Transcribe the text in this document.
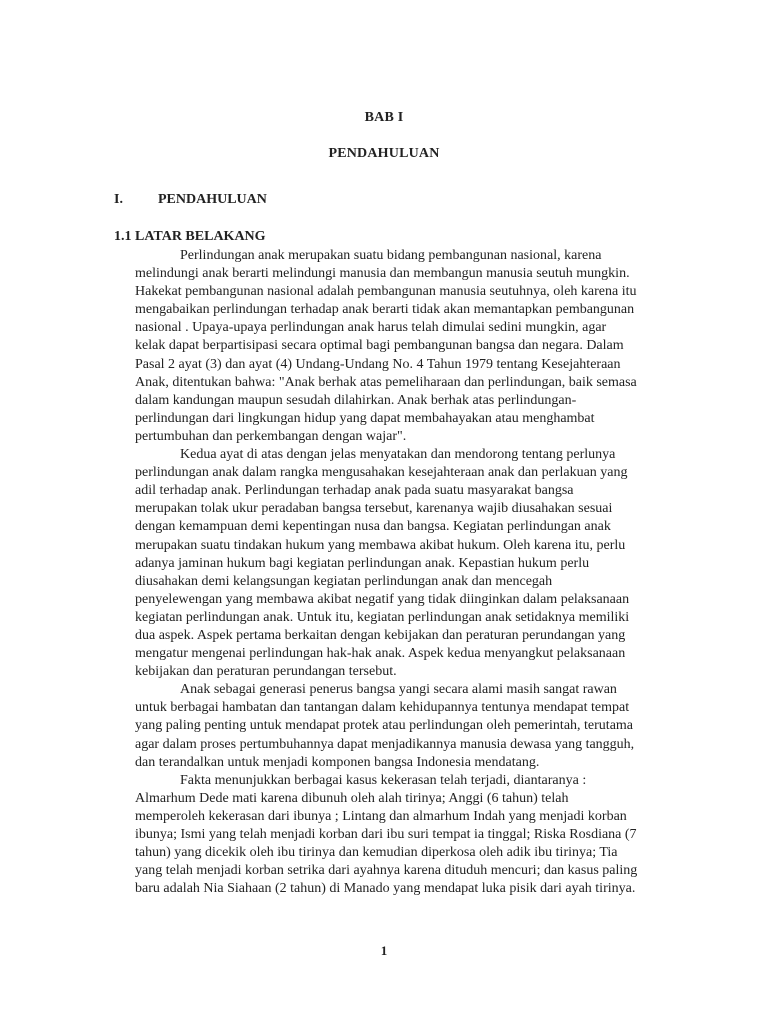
BAB I
PENDAHULUAN
I.	PENDAHULUAN
1.1 LATAR BELAKANG

Perlindungan anak merupakan suatu bidang pembangunan nasional, karena
melindungi anak berarti melindungi manusia dan membangun manusia seutuh mungkin.
Hakekat pembangunan nasional adalah pembangunan manusia seutuhnya, oleh karena itu
mengabaikan perlindungan terhadap anak berarti tidak akan memantapkan pembangunan
nasional . Upaya-upaya perlindungan anak harus telah dimulai sedini mungkin, agar
kelak dapat berpartisipasi secara optimal bagi pembangunan bangsa dan negara. Dalam
Pasal 2 ayat (3) dan ayat (4) Undang-Undang No. 4 Tahun 1979 tentang Kesejahteraan
Anak, ditentukan bahwa: "Anak berhak atas pemeliharaan dan perlindungan, baik semasa
dalam kandungan maupun sesudah dilahirkan. Anak berhak atas perlindungan-
perlindungan dari lingkungan hidup yang dapat membahayakan atau menghambat
pertumbuhan dan perkembangan dengan wajar".

Kedua ayat di atas dengan jelas menyatakan dan mendorong tentang perlunya
perlindungan anak dalam rangka mengusahakan kesejahteraan anak dan perlakuan yang
adil terhadap anak. Perlindungan terhadap anak pada suatu masyarakat bangsa
merupakan tolak ukur peradaban bangsa tersebut, karenanya wajib diusahakan sesuai
dengan kemampuan demi kepentingan nusa dan bangsa. Kegiatan perlindungan anak
merupakan suatu tindakan hukum yang membawa akibat hukum. Oleh karena itu, perlu
adanya jaminan hukum bagi kegiatan perlindungan anak. Kepastian hukum perlu
diusahakan demi kelangsungan kegiatan perlindungan anak dan mencegah
penyelewengan yang membawa akibat negatif yang tidak diinginkan dalam pelaksanaan
kegiatan perlindungan anak. Untuk itu, kegiatan perlindungan anak setidaknya memiliki
dua aspek. Aspek pertama berkaitan dengan kebijakan dan peraturan perundangan yang
mengatur mengenai perlindungan hak-hak anak. Aspek kedua menyangkut pelaksanaan
kebijakan dan peraturan perundangan tersebut.

Anak sebagai generasi penerus bangsa yangi secara alami masih sangat rawan
untuk berbagai hambatan dan tantangan dalam kehidupannya tentunya mendapat tempat
yang paling penting untuk mendapat protek atau perlindungan oleh pemerintah, terutama
agar dalam proses pertumbuhannya dapat menjadikannya manusia dewasa yang tangguh,
dan terandalkan untuk menjadi komponen bangsa Indonesia mendatang.

Fakta menunjukkan berbagai kasus kekerasan telah terjadi, diantaranya :
Almarhum Dede mati karena dibunuh oleh alah tirinya; Anggi (6 tahun) telah
memperoleh kekerasan dari ibunya ; Lintang dan almarhum Indah yang menjadi korban
ibunya; Ismi yang telah menjadi korban dari ibu suri tempat ia tinggal; Riska Rosdiana (7
tahun) yang dicekik oleh ibu tirinya dan kemudian diperkosa oleh adik ibu tirinya; Tia
yang telah menjadi korban setrika dari ayahnya karena dituduh mencuri; dan kasus paling
baru adalah Nia Siahaan (2 tahun) di Manado yang mendapat luka pisik dari ayah tirinya.

1
